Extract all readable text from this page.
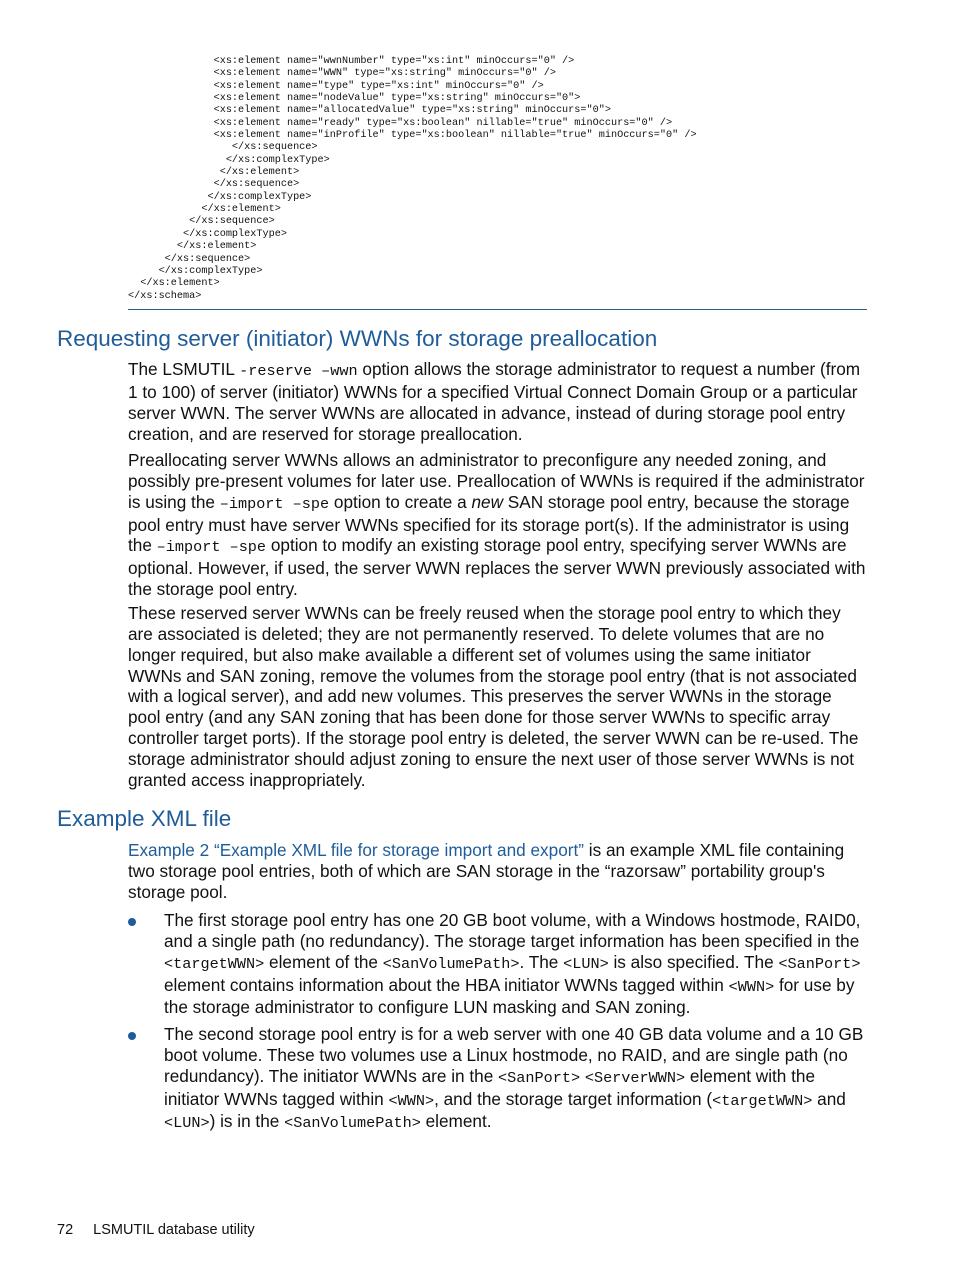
<xs:element name="wwnNumber" type="xs:int" minOccurs="0" />
<xs:element name="WWN" type="xs:string" minOccurs="0" />
<xs:element name="type" type="xs:int" minOccurs="0" />
<xs:element name="nodeValue" type="xs:string" minOccurs="0">
<xs:element name="allocatedValue" type="xs:string" minOccurs="0">
<xs:element name="ready" type="xs:boolean" nillable="true" minOccurs="0" />
<xs:element name="inProfile" type="xs:boolean" nillable="true" minOccurs="0" />
</xs:sequence>
</xs:complexType>
</xs:element>
</xs:sequence>
</xs:complexType>
</xs:element>
</xs:sequence>
</xs:complexType>
</xs:element>
</xs:sequence>
</xs:complexType>
</xs:element>
</xs:schema>
Requesting server (initiator) WWNs for storage preallocation

The LSMUTIL -reserve –wwn option allows the storage administrator to request a number (from 1 to 100) of server (initiator) WWNs for a specified Virtual Connect Domain Group or a particular server WWN. The server WWNs are allocated in advance, instead of during storage pool entry creation, and are reserved for storage preallocation.

Preallocating server WWNs allows an administrator to preconfigure any needed zoning, and possibly pre-present volumes for later use. Preallocation of WWNs is required if the administrator is using the –import –spe option to create a new SAN storage pool entry, because the storage pool entry must have server WWNs specified for its storage port(s). If the administrator is using the –import –spe option to modify an existing storage pool entry, specifying server WWNs are optional. However, if used, the server WWN replaces the server WWN previously associated with the storage pool entry.

These reserved server WWNs can be freely reused when the storage pool entry to which they are associated is deleted; they are not permanently reserved. To delete volumes that are no longer required, but also make available a different set of volumes using the same initiator WWNs and SAN zoning, remove the volumes from the storage pool entry (that is not associated with a logical server), and add new volumes. This preserves the server WWNs in the storage pool entry (and any SAN zoning that has been done for those server WWNs to specific array controller target ports). If the storage pool entry is deleted, the server WWN can be re-used. The storage administrator should adjust zoning to ensure the next user of those server WWNs is not granted access inappropriately.

Example XML file

Example 2 “Example XML file for storage import and export” is an example XML file containing two storage pool entries, both of which are SAN storage in the “razorsaw” portability group's storage pool.

The first storage pool entry has one 20 GB boot volume, with a Windows hostmode, RAID0, and a single path (no redundancy). The storage target information has been specified in the <targetWWN> element of the <SanVolumePath>. The <LUN> is also specified. The <SanPort> element contains information about the HBA initiator WWNs tagged within <WWN> for use by the storage administrator to configure LUN masking and SAN zoning.

The second storage pool entry is for a web server with one 40 GB data volume and a 10 GB boot volume. These two volumes use a Linux hostmode, no RAID, and are single path (no redundancy). The initiator WWNs are in the <SanPort> <ServerWWN> element with the initiator WWNs tagged within <WWN>, and the storage target information (<targetWWN> and <LUN>) is in the <SanVolumePath> element.

72 LSMUTIL database utility
